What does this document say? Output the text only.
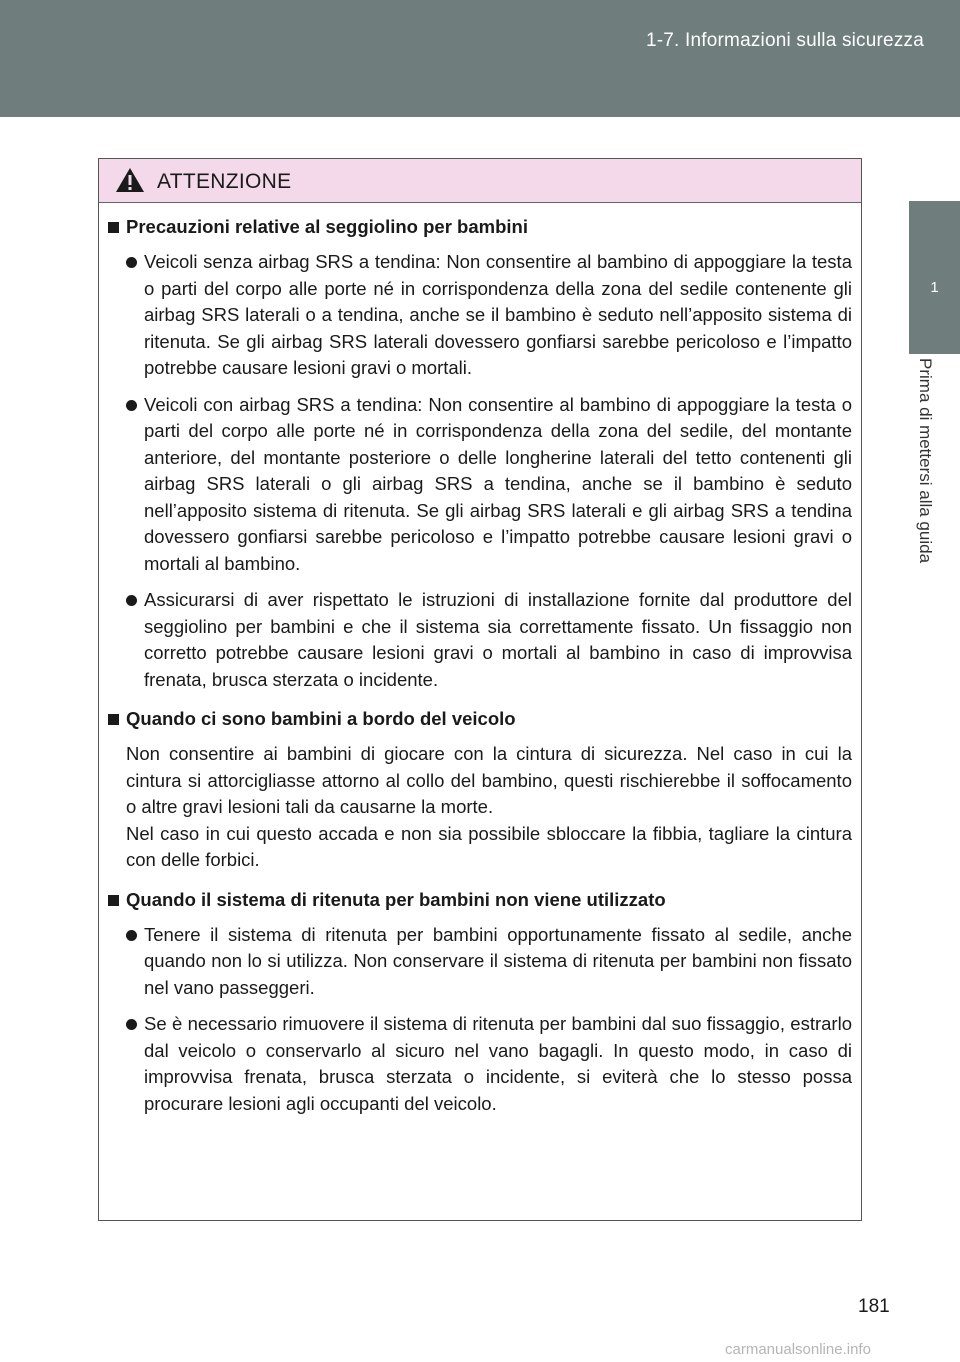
1-7. Informazioni sulla sicurezza
1
Prima di mettersi alla guida
ATTENZIONE
Precauzioni relative al seggiolino per bambini
Veicoli senza airbag SRS a tendina: Non consentire al bambino di appoggiare la testa o parti del corpo alle porte né in corrispondenza della zona del sedile contenente gli airbag SRS laterali o a tendina, anche se il bambino è seduto nell’apposito sistema di ritenuta. Se gli airbag SRS laterali dovessero gonfiarsi sarebbe pericoloso e l’impatto potrebbe causare lesioni gravi o mortali.
Veicoli con airbag SRS a tendina: Non consentire al bambino di appoggiare la testa o parti del corpo alle porte né in corrispondenza della zona del sedile, del montante anteriore, del montante posteriore o delle longherine laterali del tetto contenenti gli airbag SRS laterali o gli airbag SRS a tendina, anche se il bambino è seduto nell’apposito sistema di ritenuta. Se gli airbag SRS laterali e gli airbag SRS a tendina dovessero gonfiarsi sarebbe pericoloso e l’impatto potrebbe causare lesioni gravi o mortali al bambino.
Assicurarsi di aver rispettato le istruzioni di installazione fornite dal produttore del seggiolino per bambini e che il sistema sia correttamente fissato. Un fissaggio non corretto potrebbe causare lesioni gravi o mortali al bambino in caso di improvvisa frenata, brusca sterzata o incidente.
Quando ci sono bambini a bordo del veicolo
Non consentire ai bambini di giocare con la cintura di sicurezza. Nel caso in cui la cintura si attorcigliasse attorno al collo del bambino, questi rischierebbe il soffocamento o altre gravi lesioni tali da causarne la morte.
Nel caso in cui questo accada e non sia possibile sbloccare la fibbia, tagliare la cintura con delle forbici.
Quando il sistema di ritenuta per bambini non viene utilizzato
Tenere il sistema di ritenuta per bambini opportunamente fissato al sedile, anche quando non lo si utilizza. Non conservare il sistema di ritenuta per bambini non fissato nel vano passeggeri.
Se è necessario rimuovere il sistema di ritenuta per bambini dal suo fissaggio, estrarlo dal veicolo o conservarlo al sicuro nel vano bagagli. In questo modo, in caso di improvvisa frenata, brusca sterzata o incidente, si eviterà che lo stesso possa procurare lesioni agli occupanti del veicolo.
181
carmanualsonline.info
